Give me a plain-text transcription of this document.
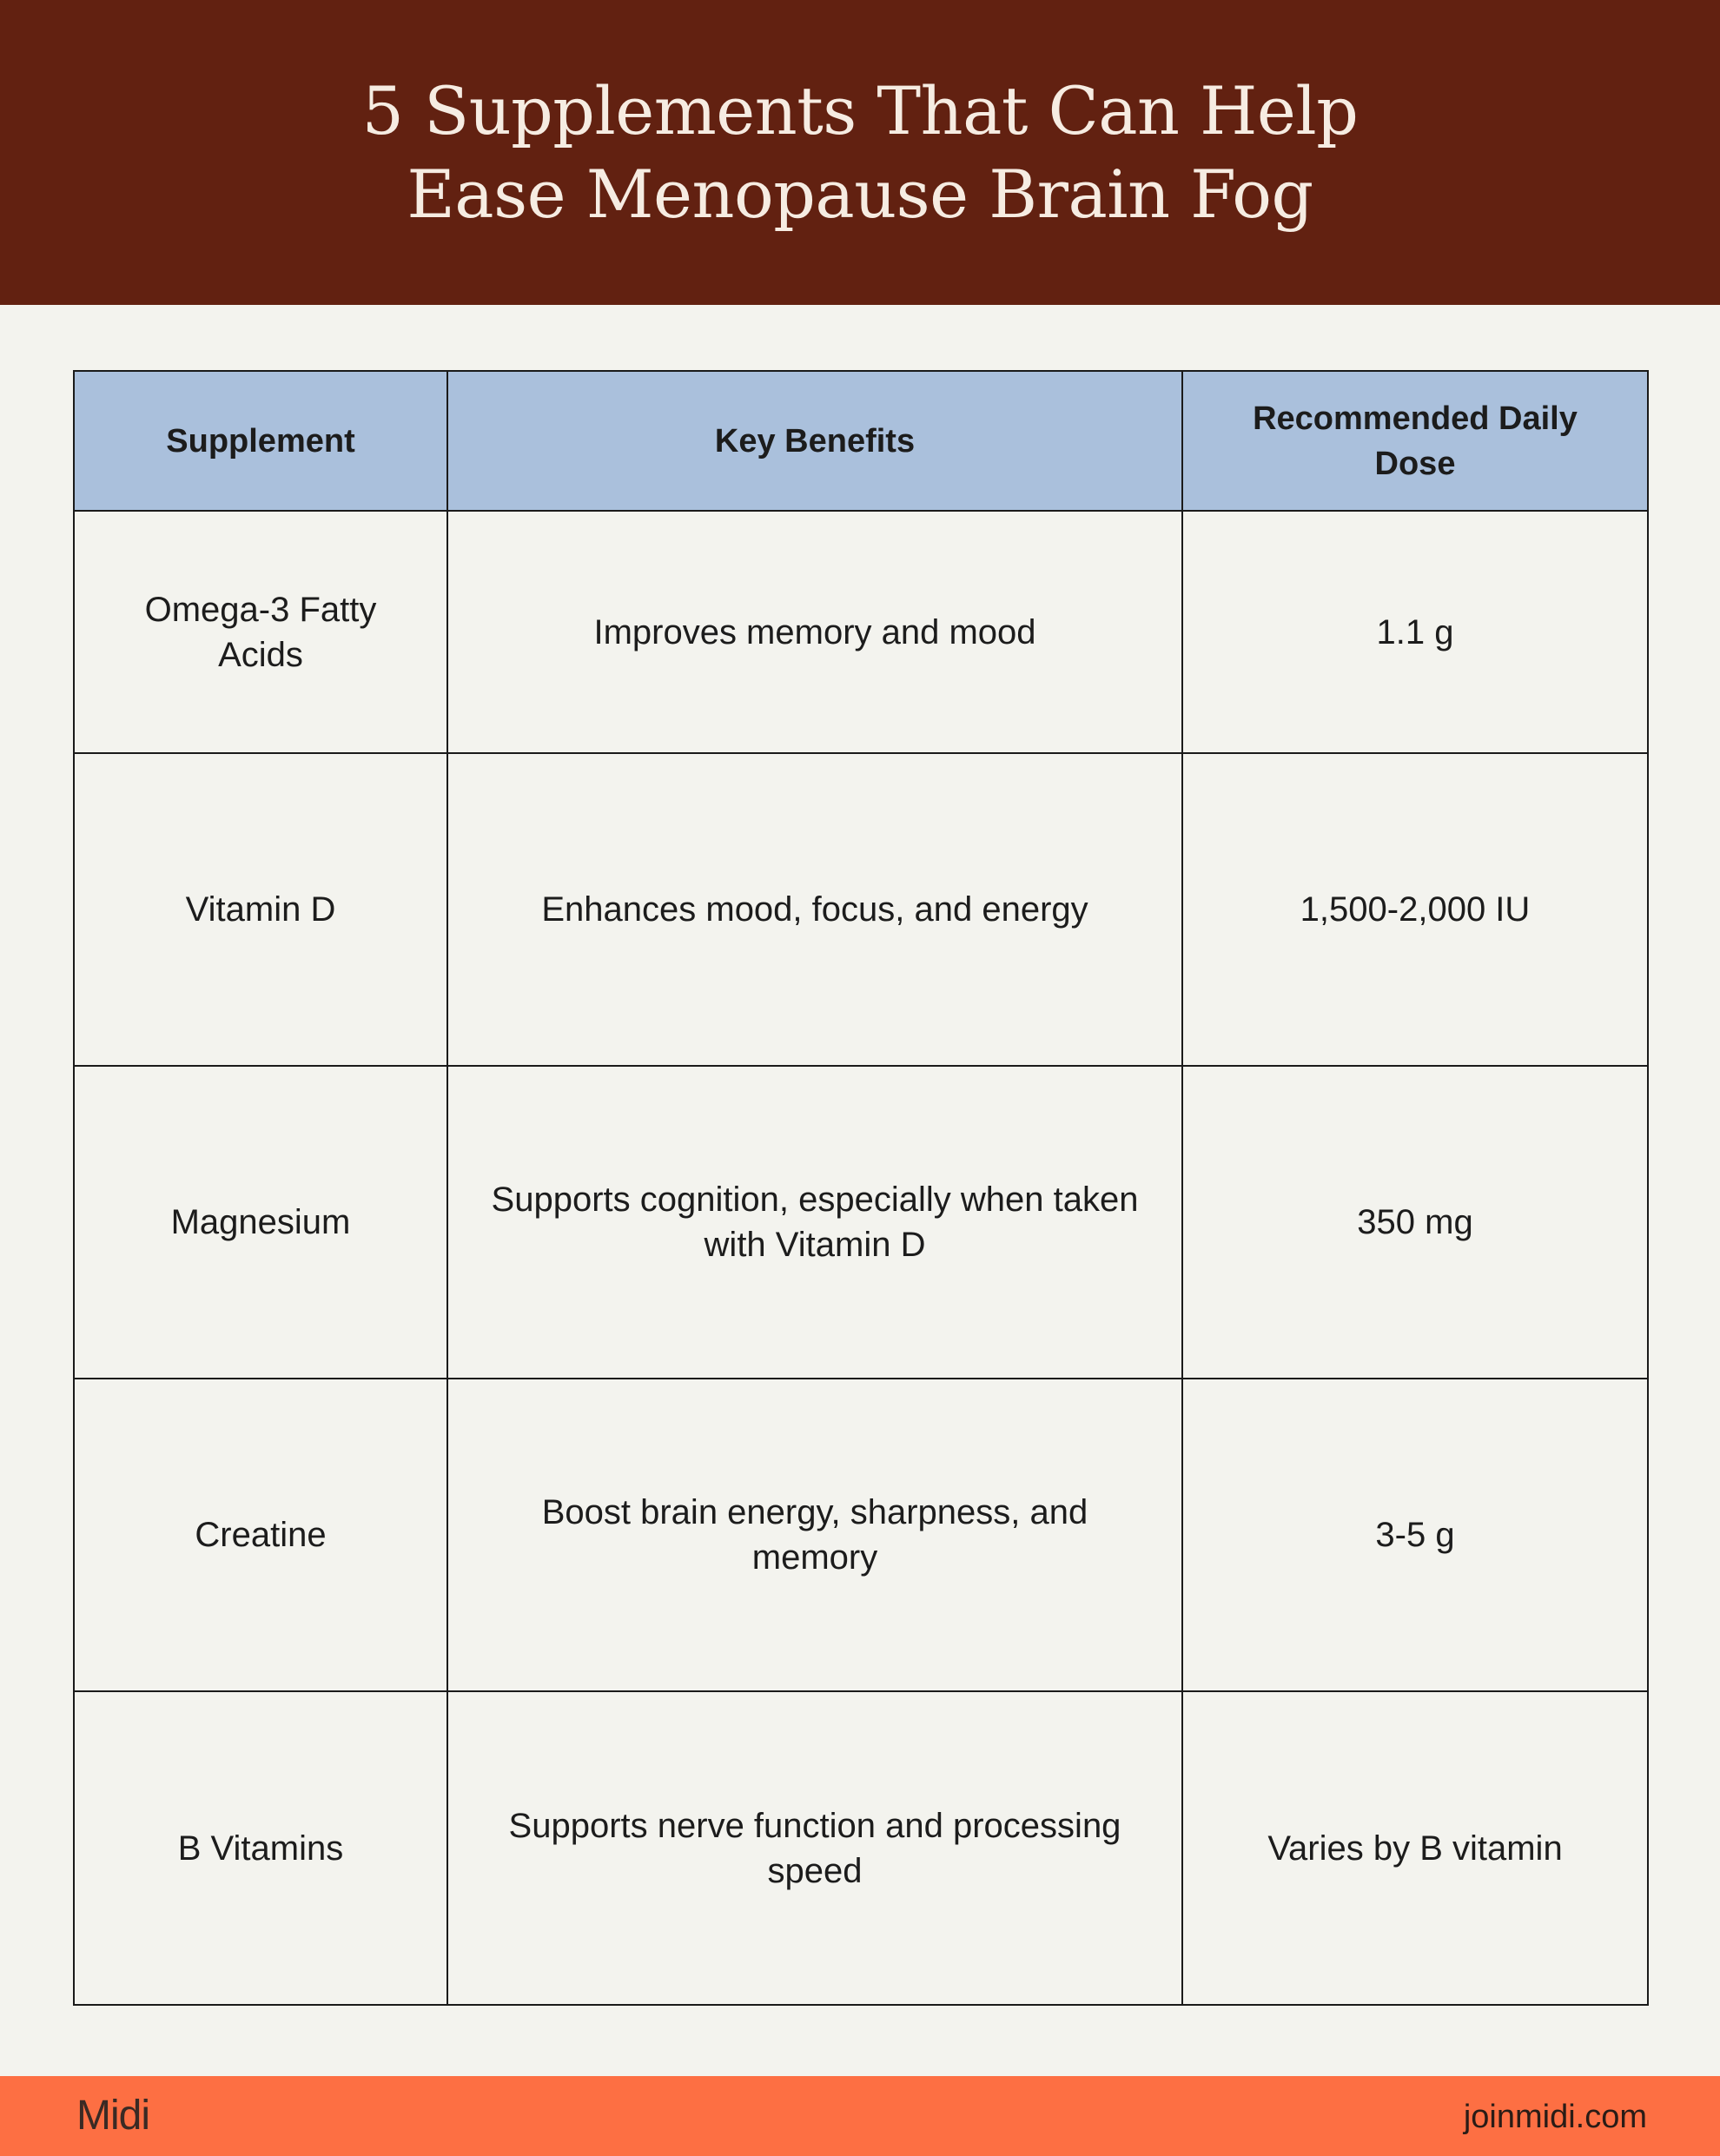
5 Supplements That Can Help Ease Menopause Brain Fog
Supplement	Key Benefits	Recommended Daily Dose
Omega-3 Fatty Acids	Improves memory and mood	1.1 g
Vitamin D	Enhances mood, focus, and energy	1,500-2,000 IU
Magnesium	Supports cognition, especially when taken with Vitamin D	350 mg
Creatine	Boost brain energy, sharpness, and memory	3-5 g
B Vitamins	Supports nerve function and processing speed	Varies by B vitamin
Midi	joinmidi.com
